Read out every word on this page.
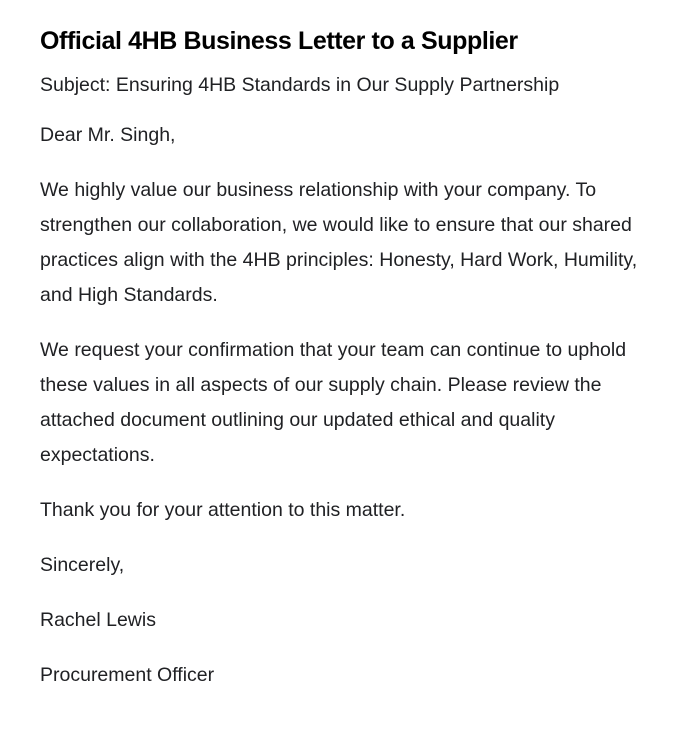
Official 4HB Business Letter to a Supplier

Subject: Ensuring 4HB Standards in Our Supply Partnership

Dear Mr. Singh,

We highly value our business relationship with your company. To strengthen our collaboration, we would like to ensure that our shared practices align with the 4HB principles: Honesty, Hard Work, Humility, and High Standards.

We request your confirmation that your team can continue to uphold these values in all aspects of our supply chain. Please review the attached document outlining our updated ethical and quality expectations.

Thank you for your attention to this matter.

Sincerely,

Rachel Lewis

Procurement Officer
